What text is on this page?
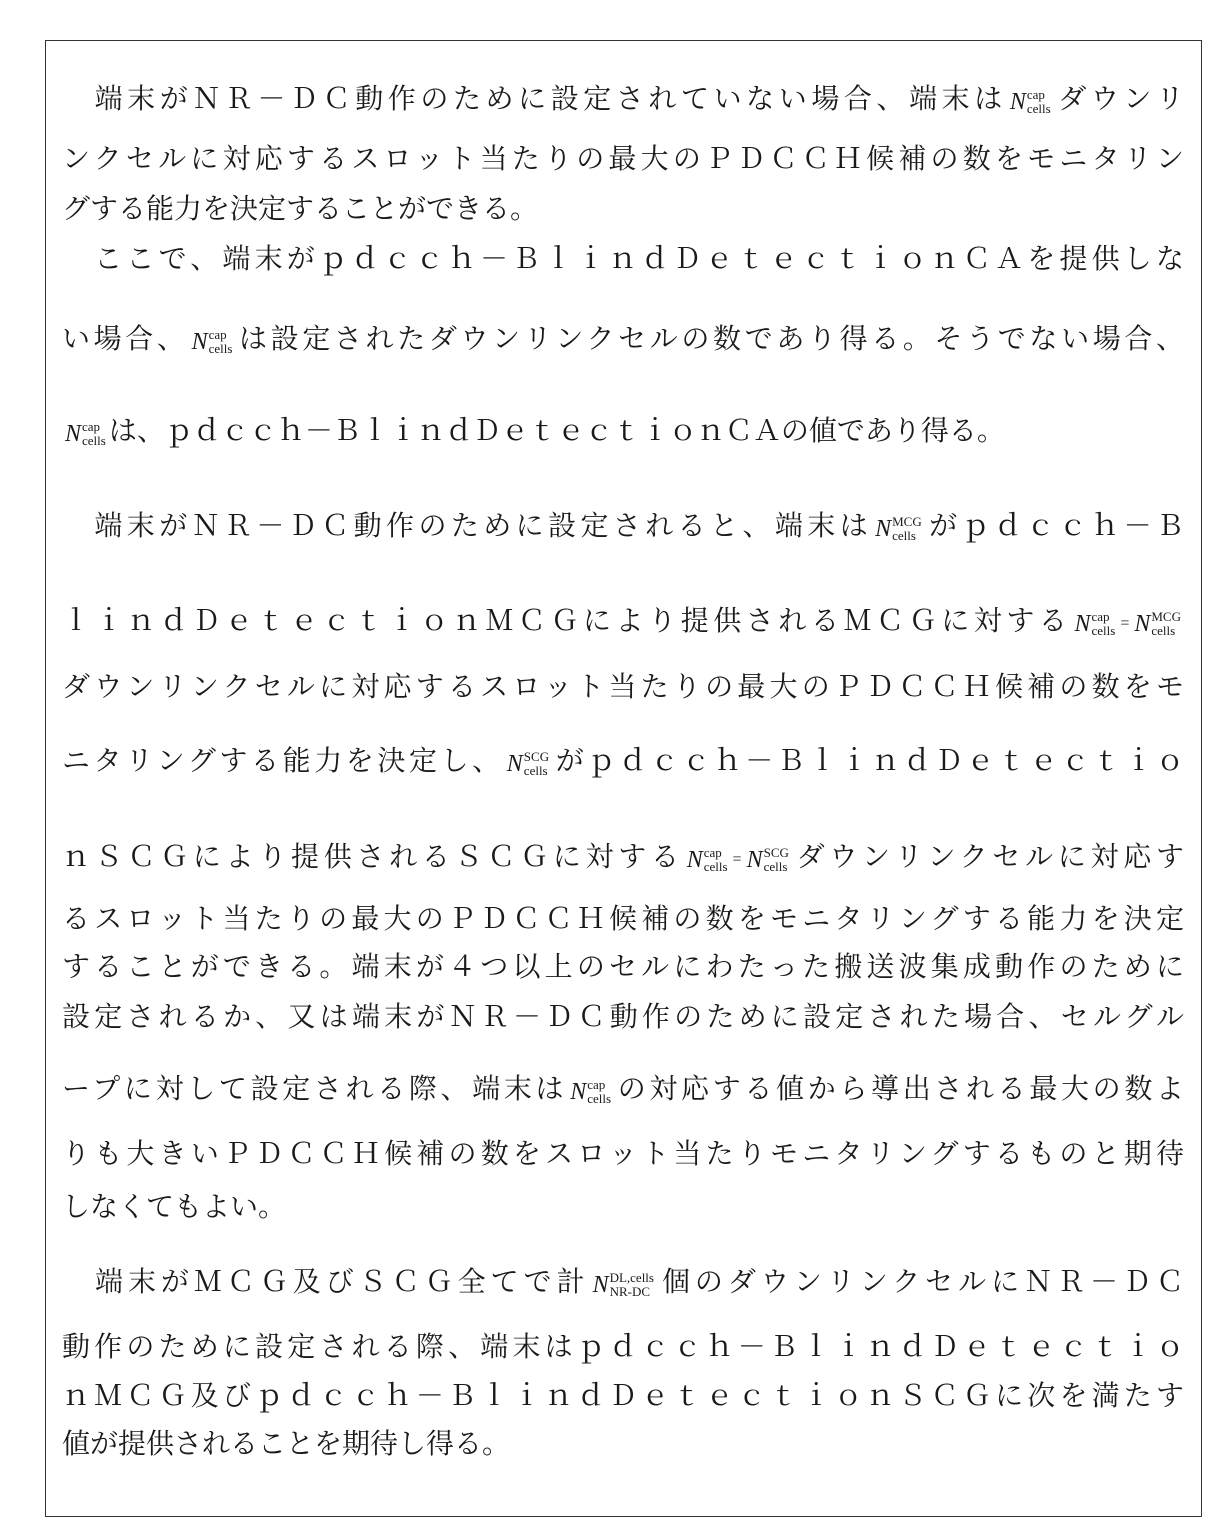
　端末がＮＲ－ＤＣ動作のために設定されていない場合、端末は N cap
cells ダウンリ
ンクセルに対応するスロット当たりの最大のＰＤＣＣＨ候補の数をモニタリン
グする能力を決定することができる。
　ここで、端末がｐｄｃｃｈ－ＢｌｉｎｄＤｅｔｅｃｔｉｏｎＣＡを提供しな
い場合、 N cap
cells は設定されたダウンリンクセルの数であり得る。そうでない場合、
N cap
cells は、ｐｄｃｃｈ－ＢｌｉｎｄＤｅｔｅｃｔｉｏｎＣＡの値であり得る。
　端末がＮＲ－ＤＣ動作のために設定されると、端末は N MCG
cells がｐｄｃｃｈ－Ｂ
ｌｉｎｄＤｅｔｅｃｔｉｏｎＭＣＧにより提供されるＭＣＧに対する N cap
cells = N MCG
cells
ダウンリンクセルに対応するスロット当たりの最大のＰＤＣＣＨ候補の数をモ
ニタリングする能力を決定し、 N SCG
cells がｐｄｃｃｈ－ＢｌｉｎｄＤｅｔｅｃｔｉｏ
ｎＳＣＧにより提供されるＳＣＧに対する N cap
cells = N SCG
cells ダウンリンクセルに対応す
るスロット当たりの最大のＰＤＣＣＨ候補の数をモニタリングする能力を決定
することができる。端末が４つ以上のセルにわたった搬送波集成動作のために
設定されるか、又は端末がＮＲ－ＤＣ動作のために設定された場合、セルグル
ープに対して設定される際、端末は N cap
cells の対応する値から導出される最大の数よ
りも大きいＰＤＣＣＨ候補の数をスロット当たりモニタリングするものと期待
しなくてもよい。
　端末がＭＣＧ及びＳＣＧ全てで計 N DL,cells
NR-DC 個のダウンリンクセルにＮＲ－ＤＣ
動作のために設定される際、端末はｐｄｃｃｈ－ＢｌｉｎｄＤｅｔｅｃｔｉｏ
ｎＭＣＧ及びｐｄｃｃｈ－ＢｌｉｎｄＤｅｔｅｃｔｉｏｎＳＣＧに次を満たす
値が提供されることを期待し得る。
